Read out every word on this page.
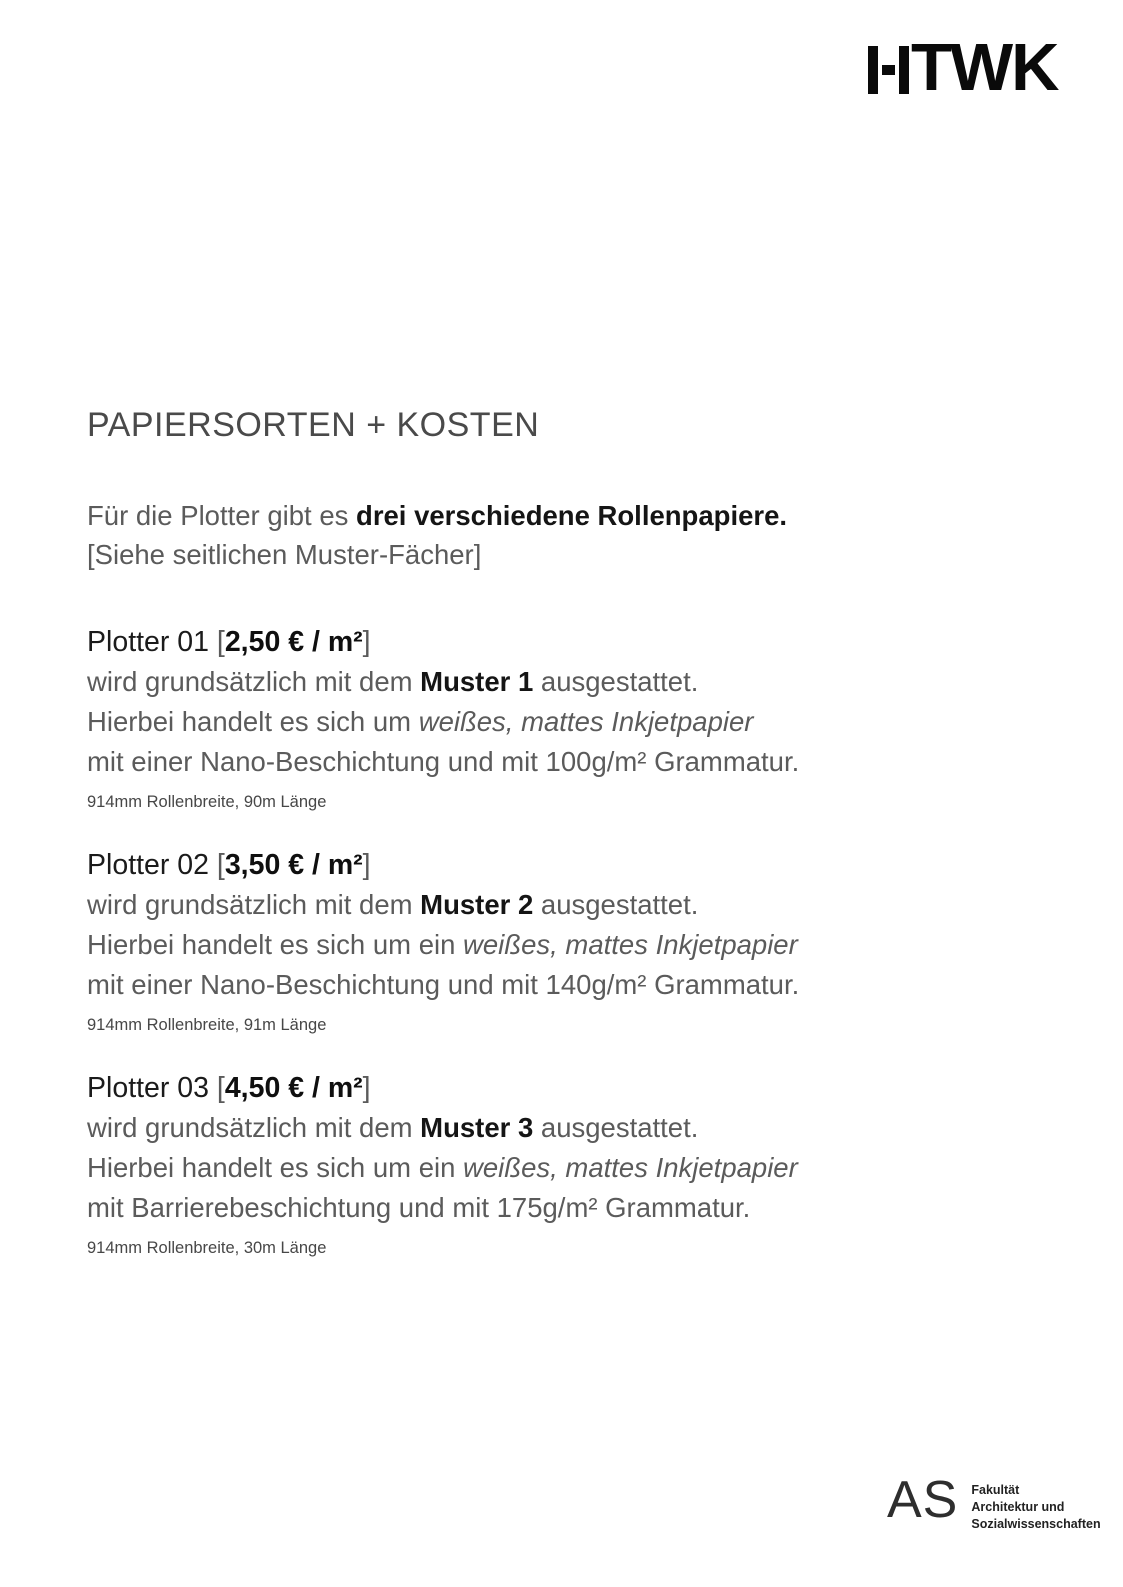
TWK
PAPIERSORTEN + KOSTEN
Für die Plotter gibt es drei verschiedene Rollenpapiere.
[Siehe seitlichen Muster-Fächer]
Plotter 01 [2,50 € / m²]
wird grundsätzlich mit dem Muster 1 ausgestattet.
Hierbei handelt es sich um weißes, mattes Inkjetpapier
mit einer Nano-Beschichtung und mit 100g/m² Grammatur.
914mm Rollenbreite, 90m Länge
Plotter 02 [3,50 € / m²]
wird grundsätzlich mit dem Muster 2 ausgestattet.
Hierbei handelt es sich um ein weißes, mattes Inkjetpapier
mit einer Nano-Beschichtung und mit 140g/m² Grammatur.
914mm Rollenbreite, 91m Länge
Plotter 03 [4,50 € / m²]
wird grundsätzlich mit dem Muster 3 ausgestattet.
Hierbei handelt es sich um ein weißes, mattes Inkjetpapier
mit Barrierebeschichtung und mit 175g/m² Grammatur.
914mm Rollenbreite, 30m Länge
AS Fakultät
Architektur und
Sozialwissenschaften
